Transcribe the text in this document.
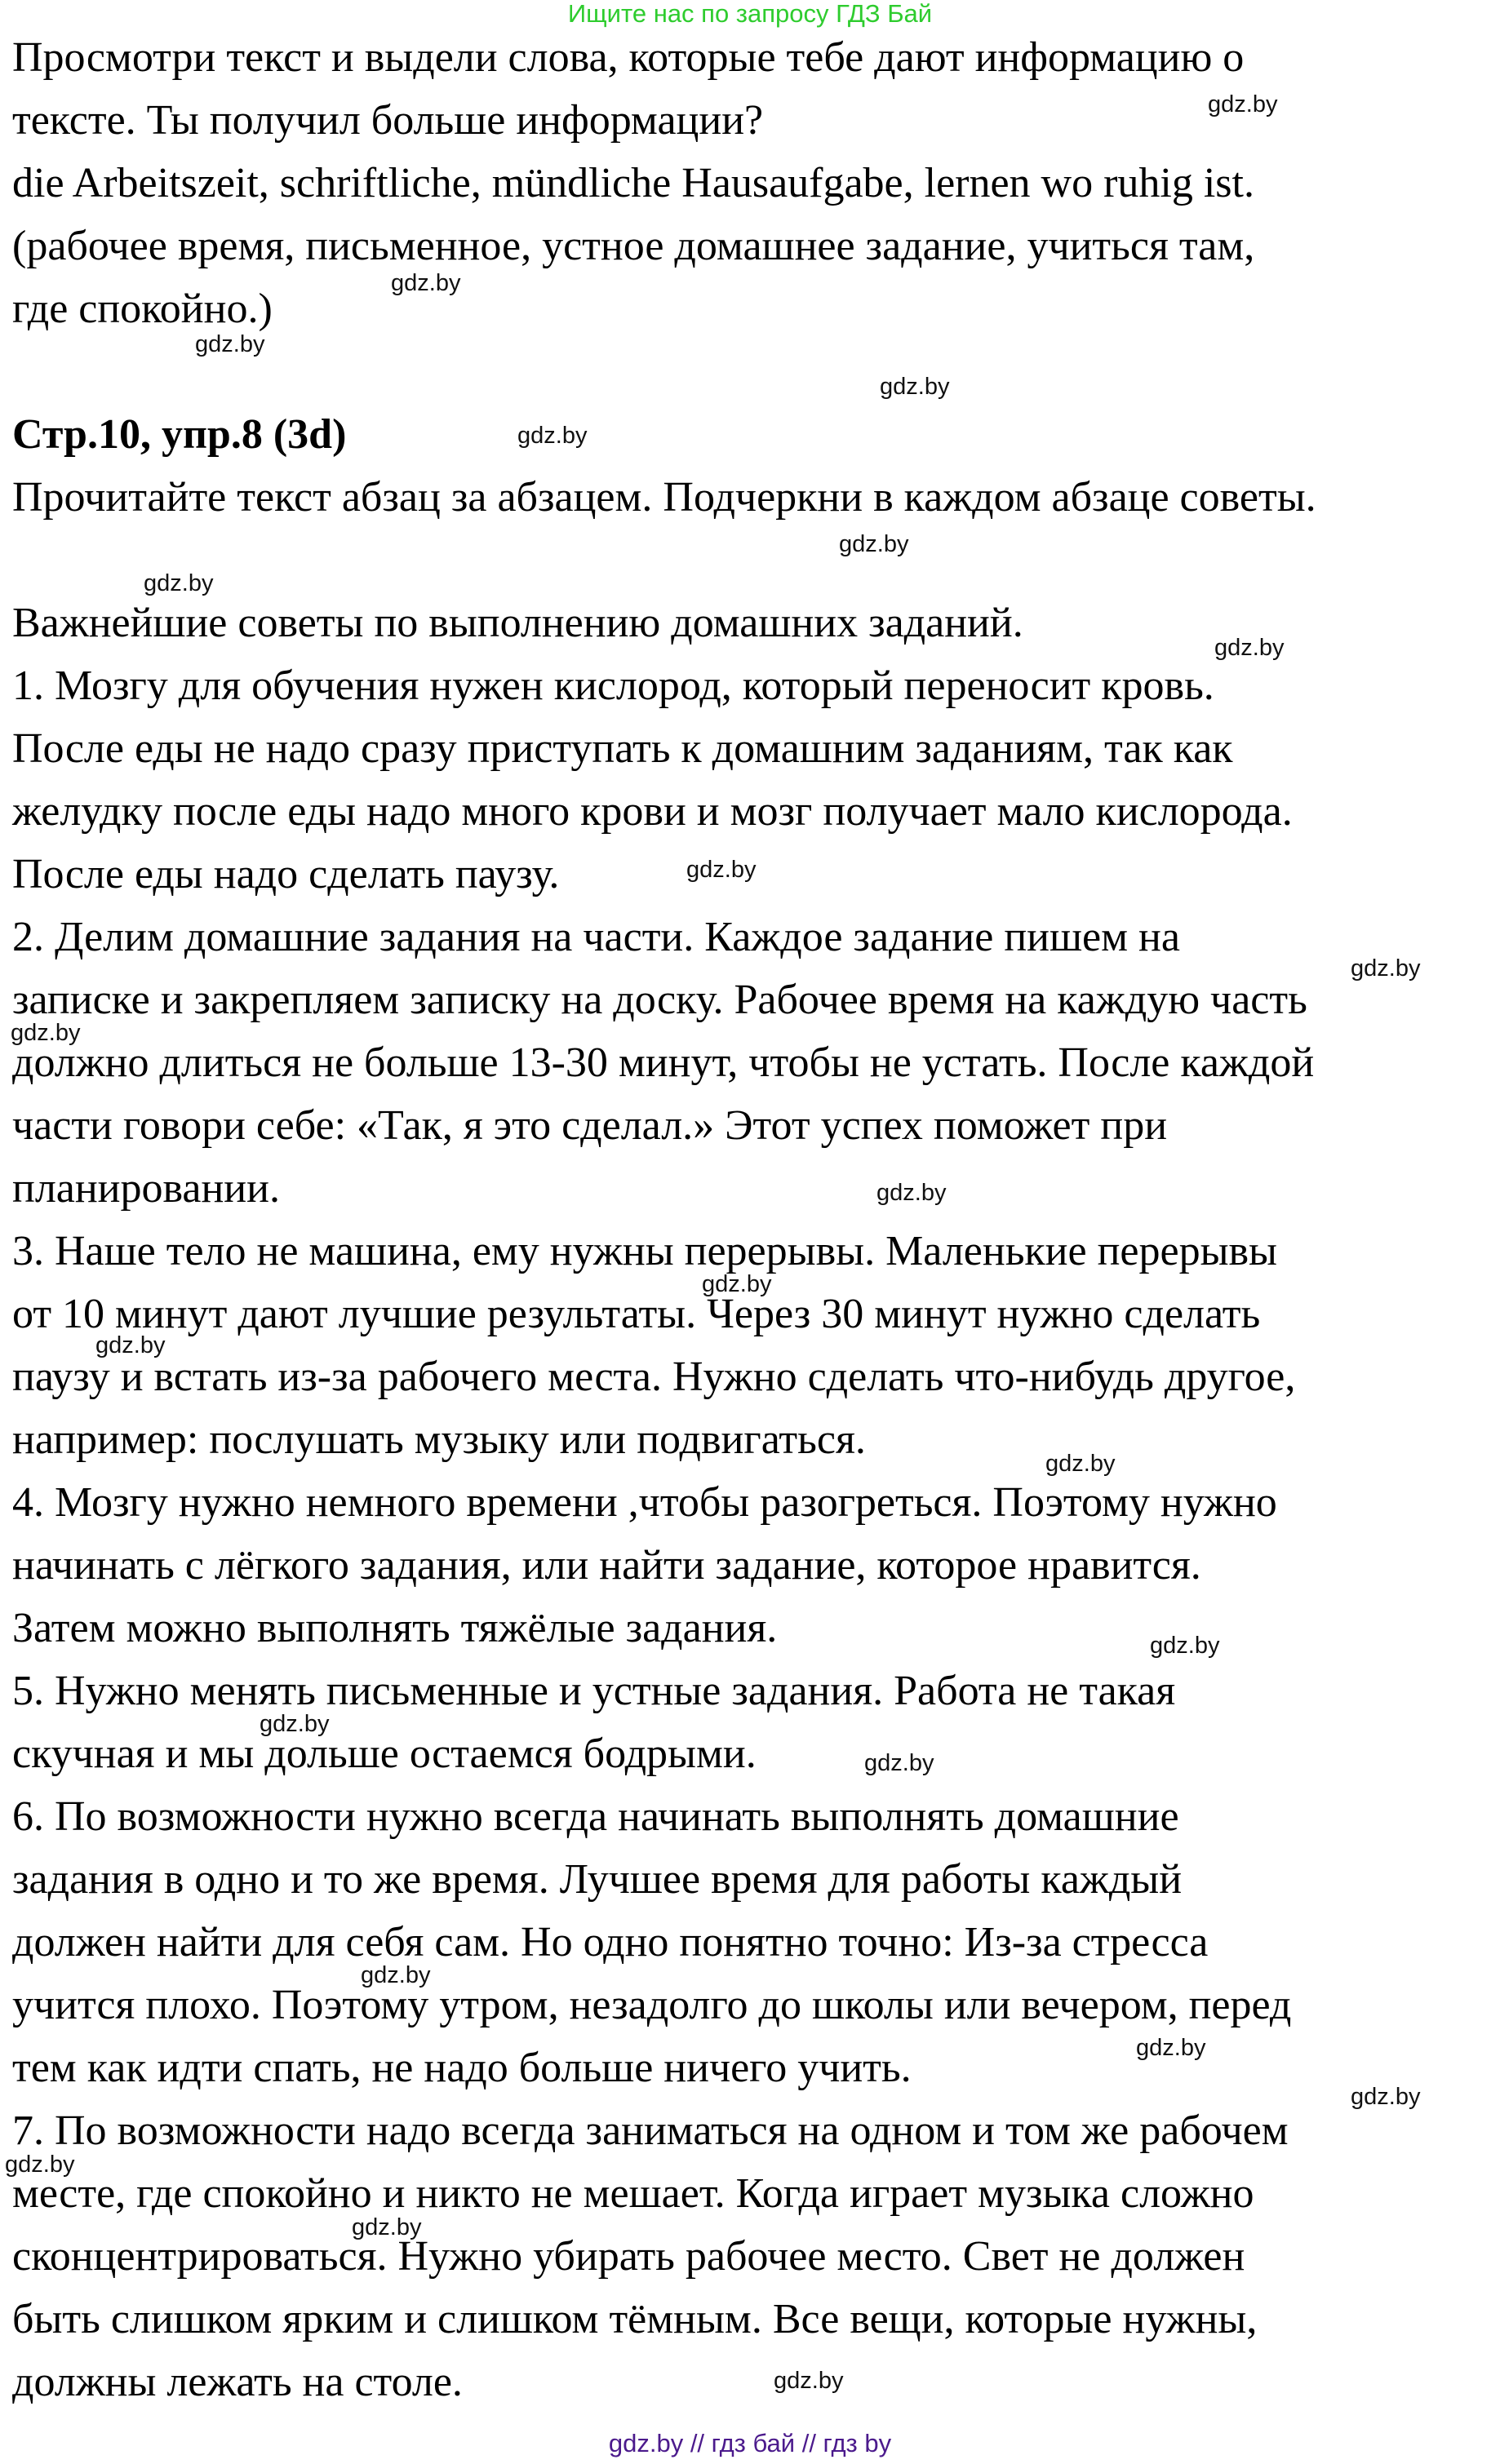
Ищите нас по запросу ГДЗ Бай
Просмотри текст и выдели слова, которые тебе дают информацию о
тексте. Ты получил больше информации?
die Arbeitszeit, schriftliche, mündliche Hausaufgabe, lernen wo ruhig ist.
(рабочее время, письменное, устное домашнее задание, учиться там,
где спокойно.)
Стр.10, упр.8 (3d)
Прочитайте текст абзац за абзацем. Подчеркни в каждом абзаце советы.
Важнейшие советы по выполнению домашних заданий.
1. Мозгу для обучения нужен кислород, который переносит кровь.
После еды не надо сразу приступать к домашним заданиям, так как
желудку после еды надо много крови и мозг получает мало кислорода.
После еды надо сделать паузу.
2. Делим домашние задания на части. Каждое задание пишем на
записке и закрепляем записку на доску. Рабочее время на каждую часть
должно длиться не больше 13-30 минут, чтобы не устать. После каждой
части говори себе: «Так, я это сделал.» Этот успех поможет при
планировании.
3. Наше тело не машина, ему нужны перерывы. Маленькие перерывы
от 10 минут дают лучшие результаты. Через 30 минут нужно сделать
паузу и встать из-за рабочего места. Нужно сделать что-нибудь другое,
например: послушать музыку или подвигаться.
4. Мозгу нужно немного времени ,чтобы разогреться. Поэтому нужно
начинать с лёгкого задания, или найти задание, которое нравится.
Затем можно выполнять тяжёлые задания.
5. Нужно менять письменные и устные задания. Работа не такая
скучная и мы дольше остаемся бодрыми.
6. По возможности нужно всегда начинать выполнять домашние
задания в одно и то же время. Лучшее время для работы каждый
должен найти для себя сам. Но одно понятно точно: Из-за стресса
учится плохо. Поэтому утром, незадолго до школы или вечером, перед
тем как идти спать, не надо больше ничего учить.
7. По возможности надо всегда заниматься на одном и том же рабочем
месте, где спокойно и никто не мешает. Когда играет музыка сложно
сконцентрироваться. Нужно убирать рабочее место. Свет не должен
быть слишком ярким и слишком тёмным. Все вещи, которые нужны,
должны лежать на столе.
gdz.by
gdz.by
gdz.by
gdz.by
gdz.by
gdz.by
gdz.by
gdz.by
gdz.by
gdz.by
gdz.by
gdz.by
gdz.by
gdz.by
gdz.by
gdz.by
gdz.by
gdz.by
gdz.by
gdz.by
gdz.by
gdz.by
gdz.by
gdz.by
gdz.by // гдз бай // гдз by
